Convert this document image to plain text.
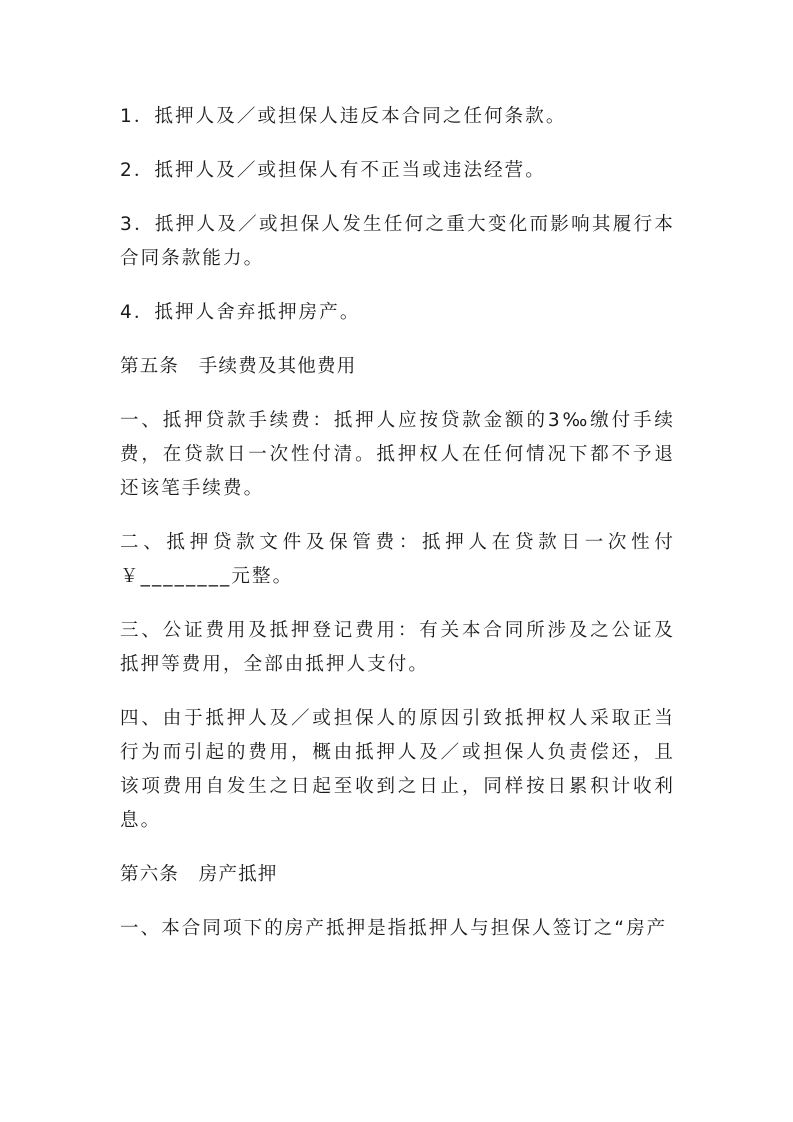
1．抵押人及／或担保人违反本合同之任何条款。

2．抵押人及／或担保人有不正当或违法经营。

3．抵押人及／或担保人发生任何之重大变化而影响其履行本合同条款能力。

4．抵押人舍弃抵押房产。

第五条　手续费及其他费用

一、抵押贷款手续费：抵押人应按贷款金额的3‰缴付手续费，在贷款日一次性付清。抵押权人在任何情况下都不予退还该笔手续费。

二、抵押贷款文件及保管费：抵押人在贷款日一次性付￥________元整。

三、公证费用及抵押登记费用：有关本合同所涉及之公证及抵押等费用，全部由抵押人支付。

四、由于抵押人及／或担保人的原因引致抵押权人采取正当行为而引起的费用，概由抵押人及／或担保人负责偿还，且该项费用自发生之日起至收到之日止，同样按日累积计收利息。

第六条　房产抵押

一、本合同项下的房产抵押是指抵押人与担保人签订之“房产
